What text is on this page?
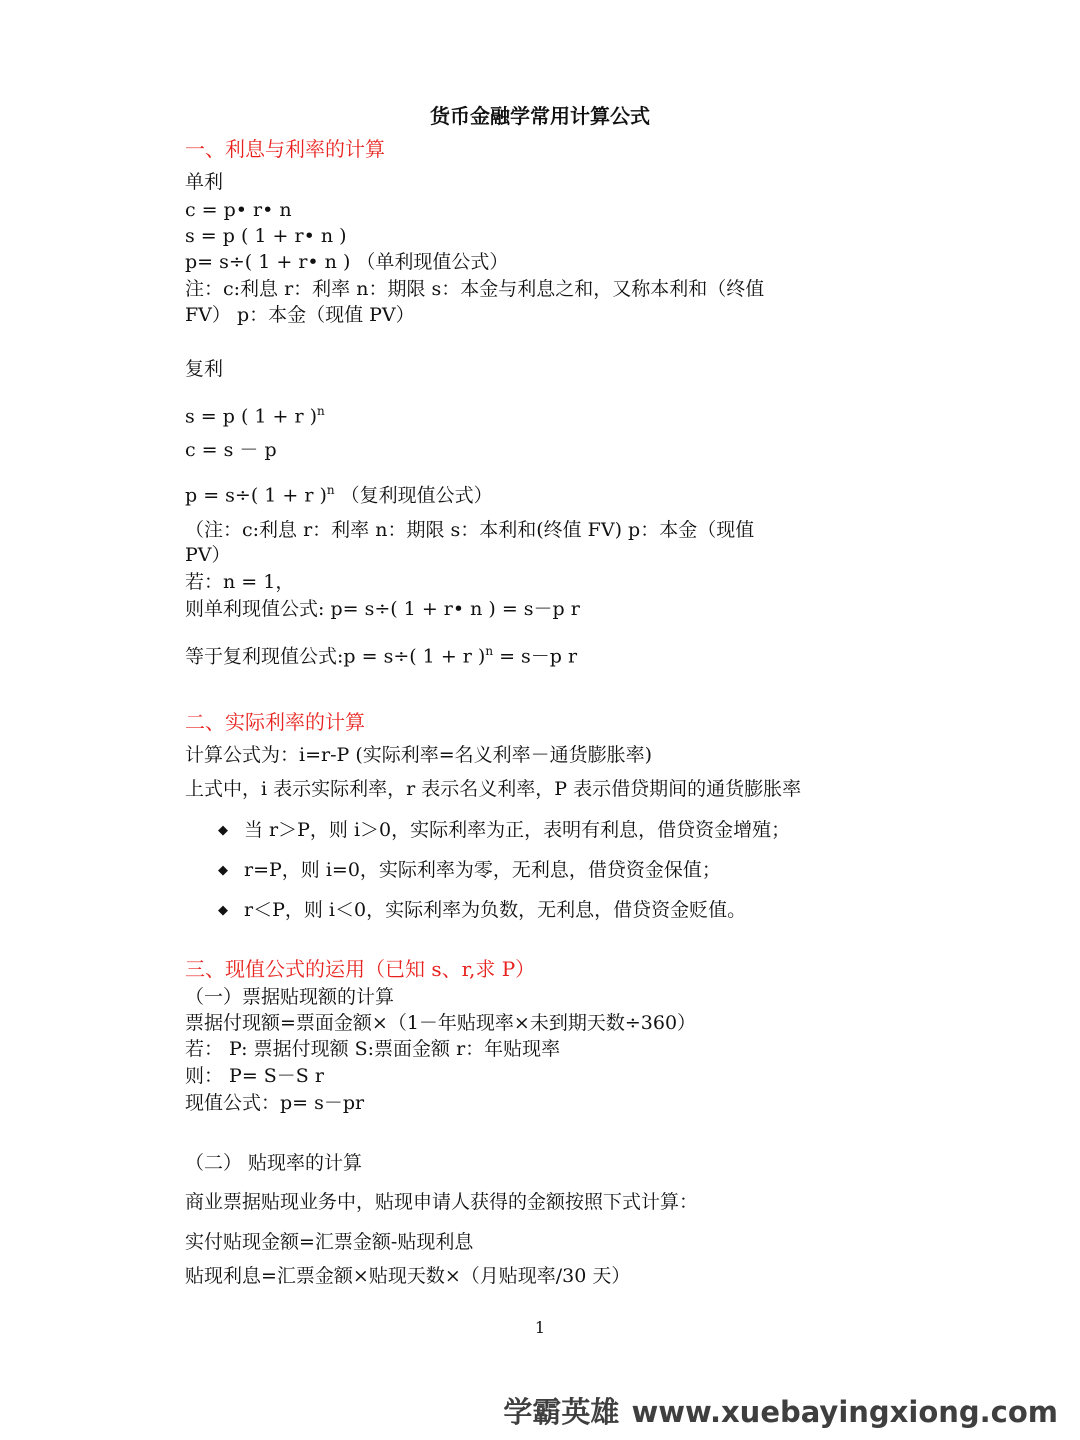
货币金融学常用计算公式
一、利息与利率的计算
单利
c = p• r• n
s = p ( 1 + r• n )
p= s÷( 1 + r• n ) （单利现值公式）
注：c:利息 r：利率 n：期限 s：本金与利息之和，又称本利和（终值
FV） p：本金（现值 PV）
复利
s = p ( 1 + r )$^n$
c = s － p
p = s÷( 1 + r )$^n$ （复利现值公式）
（注：c:利息 r：利率 n：期限 s：本利和(终值 FV) p：本金（现值
PV）
若：n = 1，
则单利现值公式: p= s÷( 1 + r• n ) = s－p r
等于复利现值公式:p = s÷( 1 + r )$^n$ = s－p r
二、实际利率的计算
计算公式为：i=r-P (实际利率=名义利率－通货膨胀率)
上式中，i 表示实际利率，r 表示名义利率，P 表示借贷期间的通货膨胀率
◆ 当 r＞P，则 i＞0，实际利率为正，表明有利息，借贷资金增殖；
◆ r=P，则 i=0，实际利率为零，无利息，借贷资金保值；
◆ r＜P，则 i＜0，实际利率为负数，无利息，借贷资金贬值。
三、现值公式的运用（已知 s、r,求 P）
（一）票据贴现额的计算
票据付现额=票面金额×（1－年贴现率×未到期天数÷360）
若： P: 票据付现额 S:票面金额 r：年贴现率
则： P= S－S r
现值公式：p= s－pr
（二） 贴现率的计算
商业票据贴现业务中，贴现申请人获得的金额按照下式计算：
实付贴现金额=汇票金额-贴现利息
贴现利息=汇票金额×贴现天数×（月贴现率/30 天）
1
学霸英雄 www.xuebayingxiong.com
